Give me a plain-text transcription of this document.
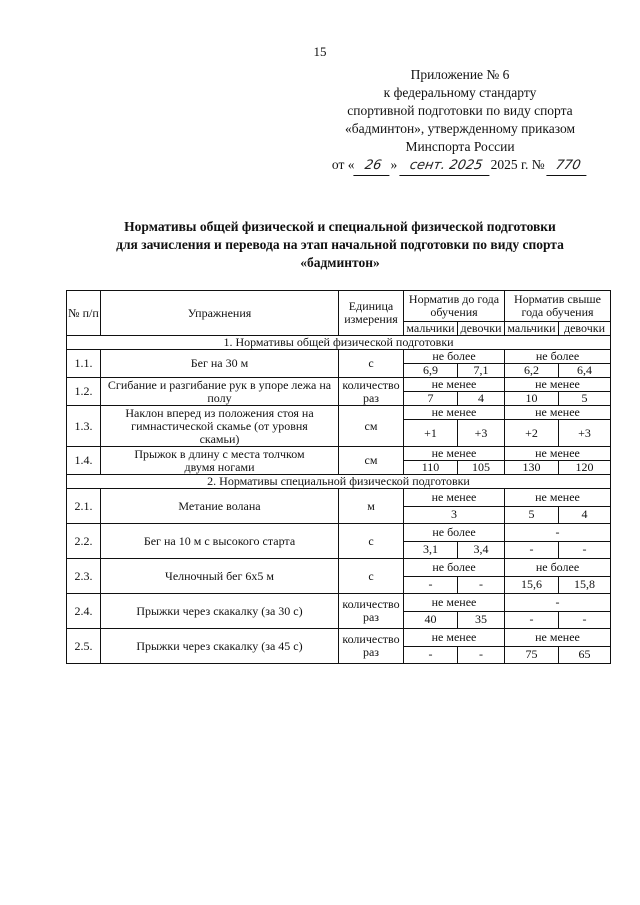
15
Приложение № 6
к федеральному стандарту
спортивной подготовки по виду спорта
«бадминтон», утвержденному приказом
Минспорта России
от « 26 » сент. 2025 2025 г. № 770
Нормативы общей физической и специальной физической подготовки
для зачисления и перевода на этап начальной подготовки по виду спорта
«бадминтон»
№ п/п	Упражнения	Единица измерения	Норматив до года обучения		Норматив свыше года обучения	
			мальчики	девочки	мальчики	девочки
1. Нормативы общей физической подготовки						
1.1.	Бег на 30 м	с	не более		не более	
			6,9	7,1	6,2	6,4
1.2.	Сгибание и разгибание рук в упоре лежа на полу	количество раз	не менее		не менее	
			7	4	10	5
1.3.	Наклон вперед из положения стоя на гимнастической скамье (от уровня скамьи)	см	не менее		не менее	
			+1	+3	+2	+3
1.4.	Прыжок в длину с места толчком двумя ногами	см	не менее		не менее	
			110	105	130	120
2. Нормативы специальной физической подготовки						
2.1.	Метание волана	м	не менее		не менее	
			3		5	4
2.2.	Бег на 10 м с высокого старта	с	не более		-	
			3,1	3,4	-	-
2.3.	Челночный бег 6х5 м	с	не более		не более	
			-	-	15,6	15,8
2.4.	Прыжки через скакалку (за 30 с)	количество раз	не менее		-	
			40	35	-	-
2.5.	Прыжки через скакалку (за 45 с)	количество раз	не менее		не менее	
			-	-	75	65
